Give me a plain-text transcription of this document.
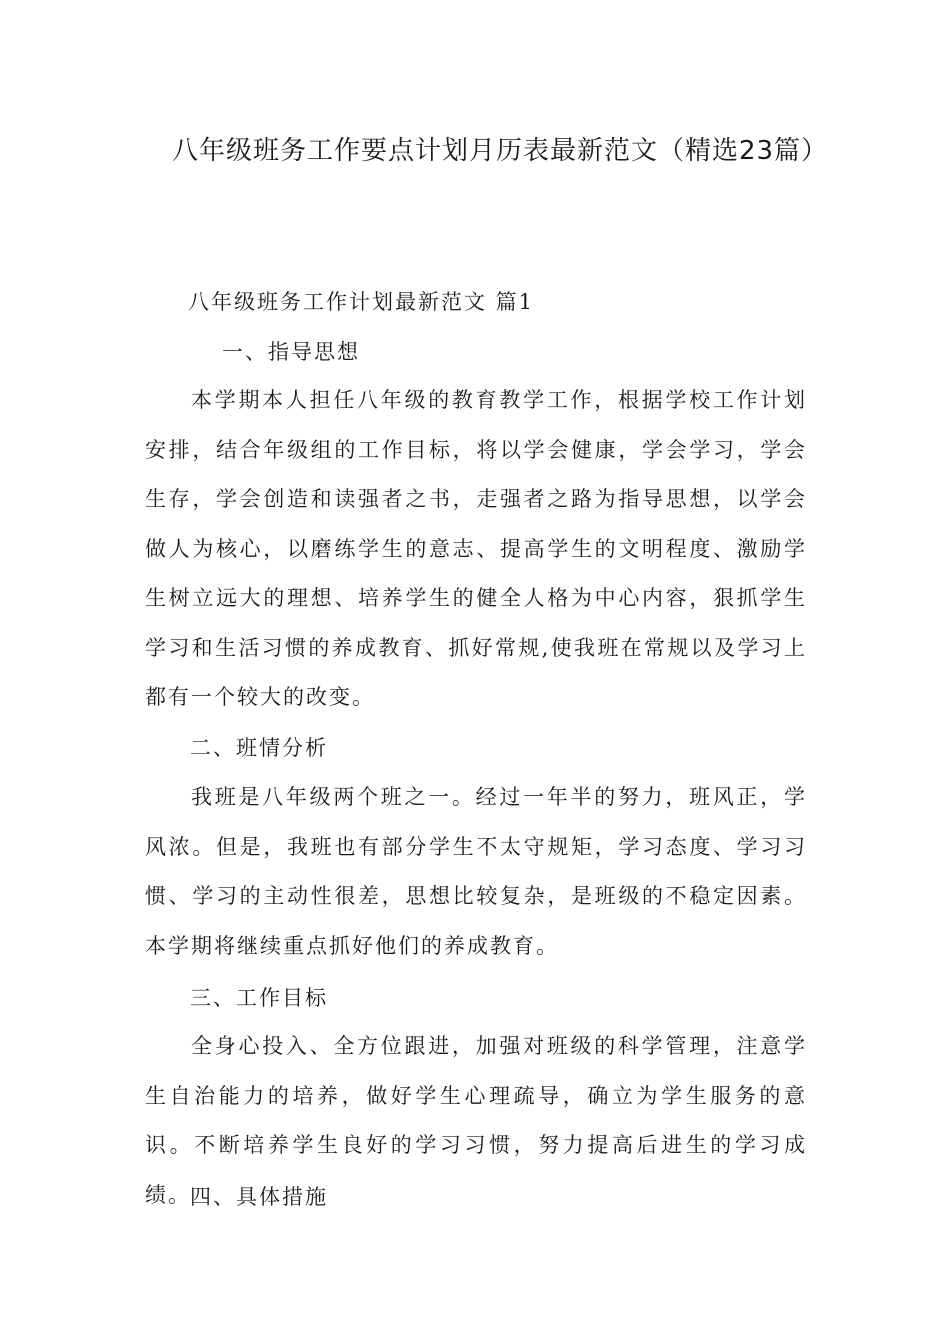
八年级班务工作要点计划月历表最新范文（精选23篇）

八年级班务工作计划最新范文 篇1

一、指导思想

本学期本人担任八年级的教育教学工作，根据学校工作计划安排，结合年级组的工作目标，将以学会健康，学会学习，学会生存，学会创造和读强者之书，走强者之路为指导思想，以学会做人为核心，以磨练学生的意志、提高学生的文明程度、激励学生树立远大的理想、培养学生的健全人格为中心内容，狠抓学生学习和生活习惯的养成教育、抓好常规,使我班在常规以及学习上都有一个较大的改变。

二、班情分析

我班是八年级两个班之一。经过一年半的努力，班风正，学风浓。但是，我班也有部分学生不太守规矩，学习态度、学习习惯、学习的主动性很差，思想比较复杂，是班级的不稳定因素。本学期将继续重点抓好他们的养成教育。

三、工作目标

全身心投入、全方位跟进，加强对班级的科学管理，注意学生自治能力的培养，做好学生心理疏导，确立为学生服务的意识。不断培养学生良好的学习习惯，努力提高后进生的学习成绩。 四、具体措施
